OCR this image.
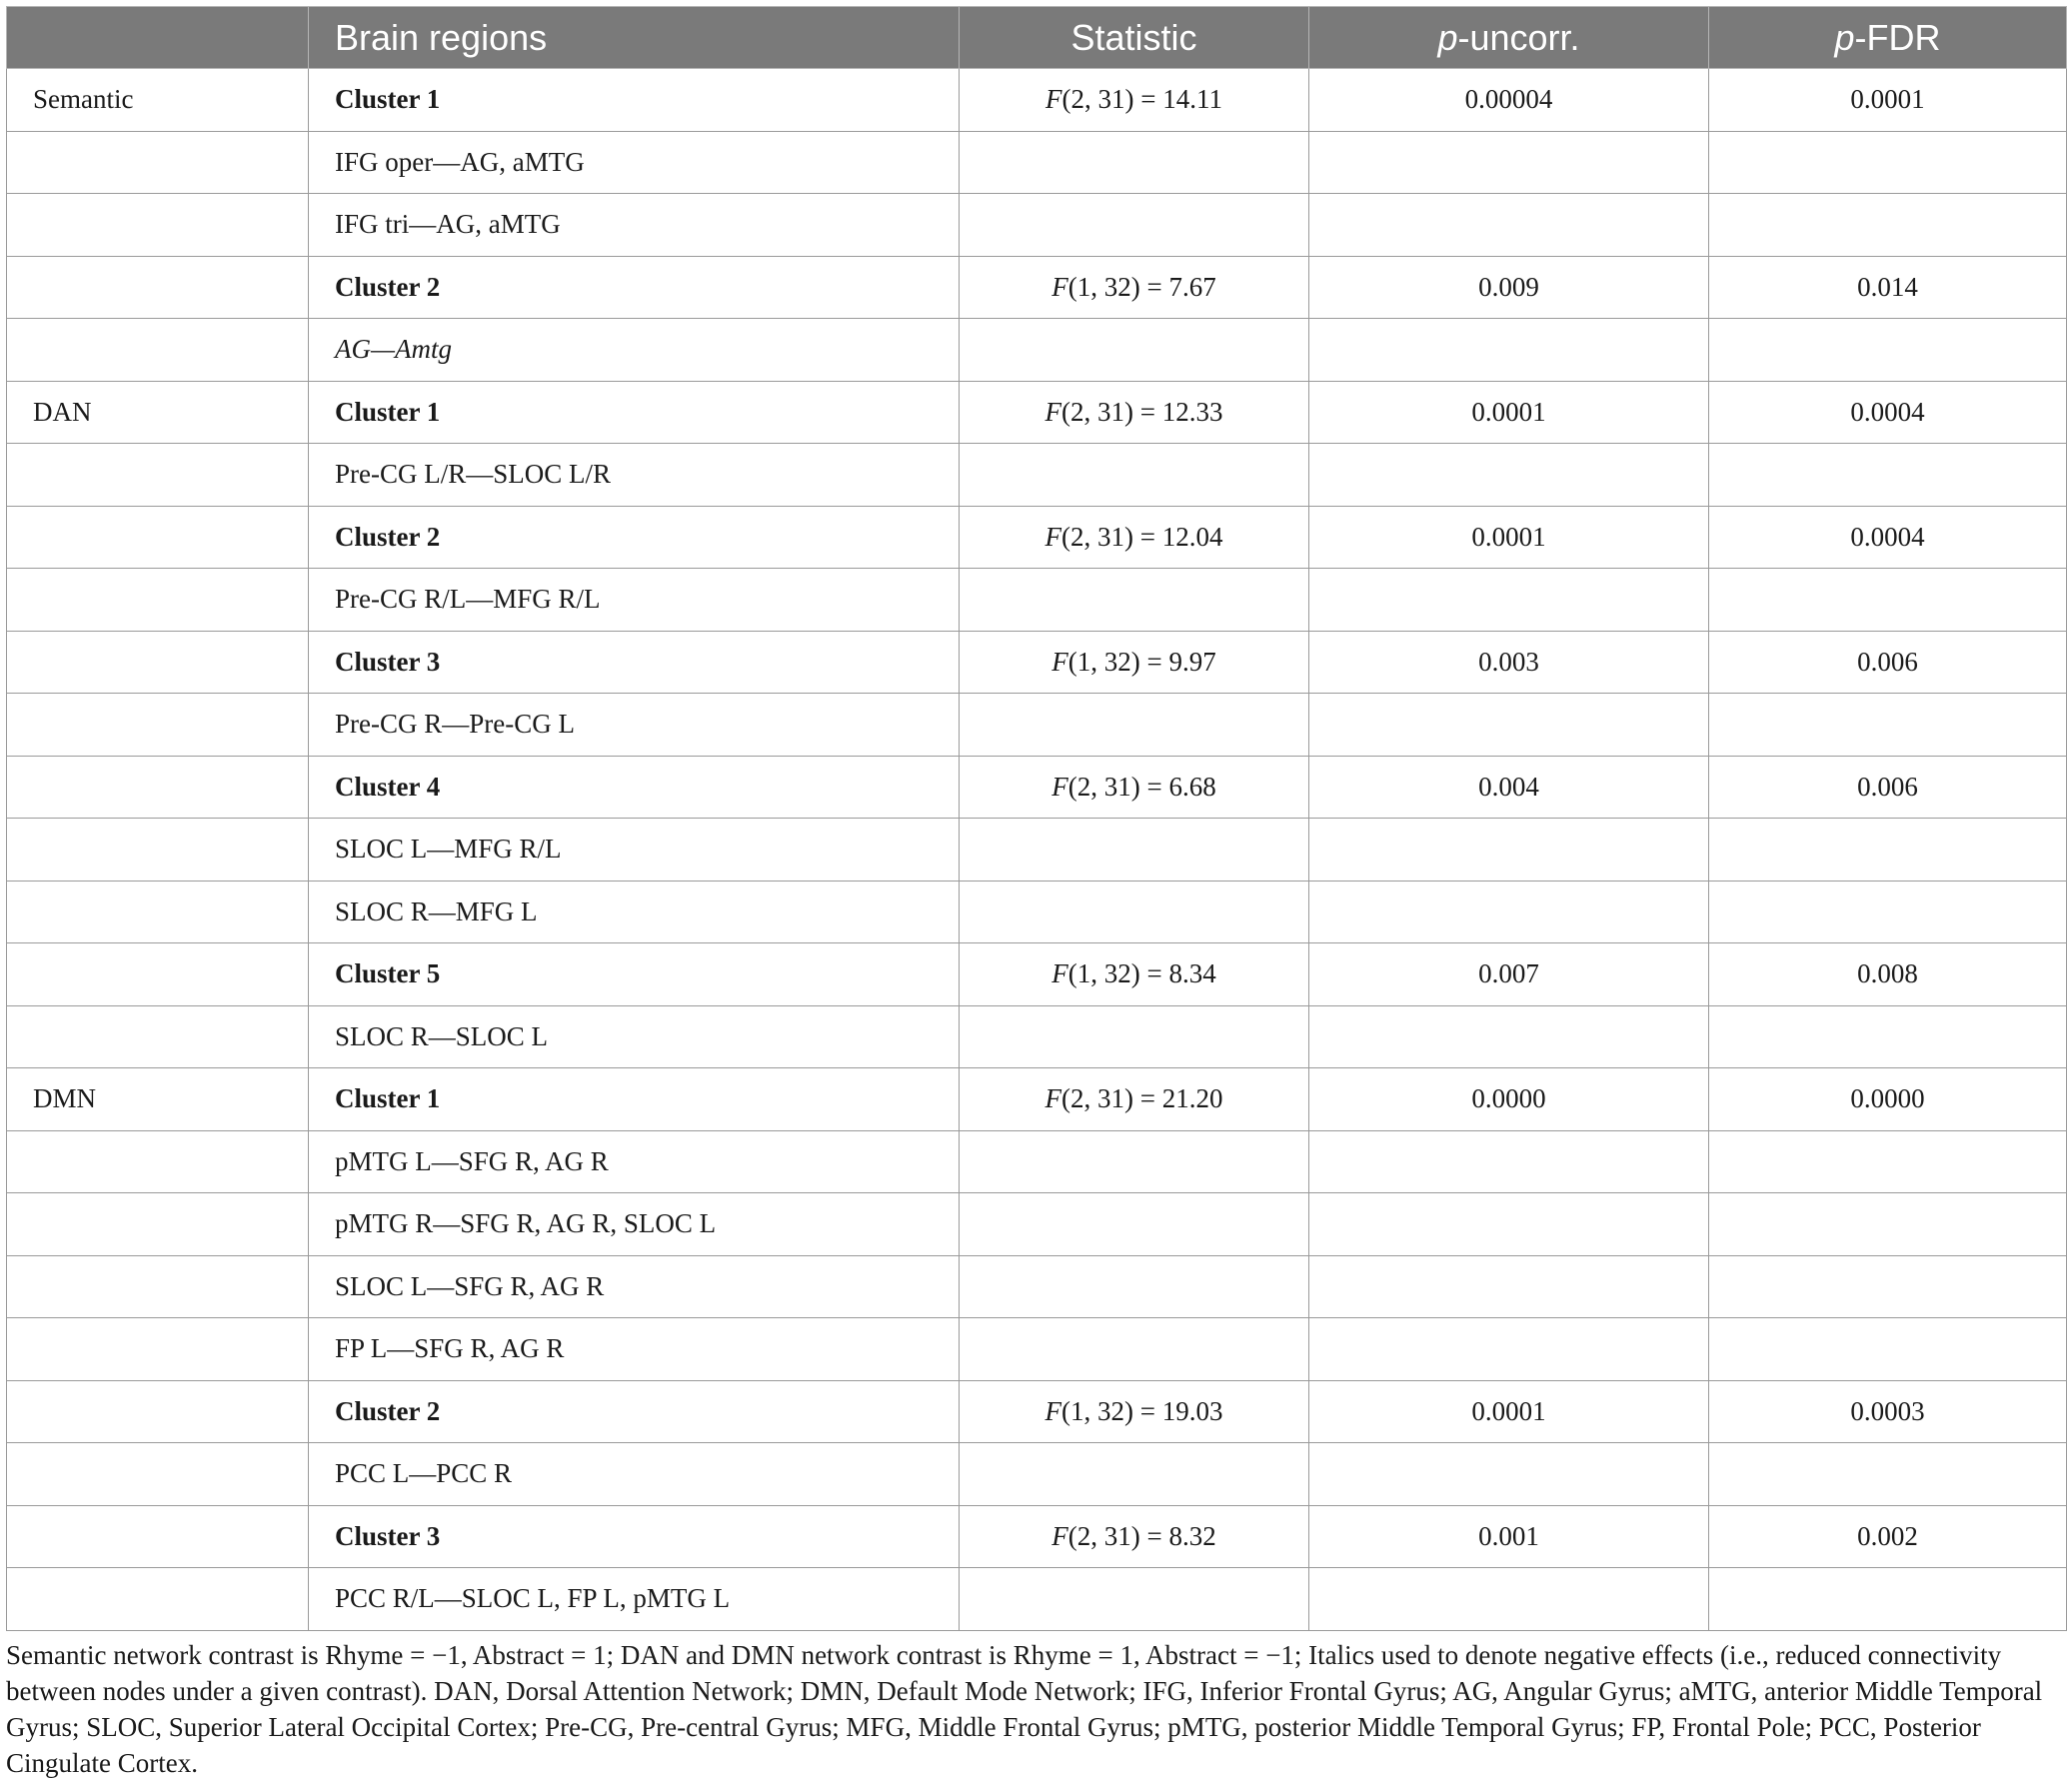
	Brain regions	Statistic	p-uncorr.	p-FDR
Semantic	Cluster 1	F(2, 31) = 14.11	0.00004	0.0001
	IFG oper—AG, aMTG			
	IFG tri—AG, aMTG			
	Cluster 2	F(1, 32) = 7.67	0.009	0.014
	AG—Amtg			
DAN	Cluster 1	F(2, 31) = 12.33	0.0001	0.0004
	Pre-CG L/R—SLOC L/R			
	Cluster 2	F(2, 31) = 12.04	0.0001	0.0004
	Pre-CG R/L—MFG R/L			
	Cluster 3	F(1, 32) = 9.97	0.003	0.006
	Pre-CG R—Pre-CG L			
	Cluster 4	F(2, 31) = 6.68	0.004	0.006
	SLOC L—MFG R/L			
	SLOC R—MFG L			
	Cluster 5	F(1, 32) = 8.34	0.007	0.008
	SLOC R—SLOC L			
DMN	Cluster 1	F(2, 31) = 21.20	0.0000	0.0000
	pMTG L—SFG R, AG R			
	pMTG R—SFG R, AG R, SLOC L			
	SLOC L—SFG R, AG R			
	FP L—SFG R, AG R			
	Cluster 2	F(1, 32) = 19.03	0.0001	0.0003
	PCC L—PCC R			
	Cluster 3	F(2, 31) = 8.32	0.001	0.002
	PCC R/L—SLOC L, FP L, pMTG L			
Semantic network contrast is Rhyme = −1, Abstract = 1; DAN and DMN network contrast is Rhyme = 1, Abstract = −1; Italics used to denote negative effects (i.e., reduced connectivity between nodes under a given contrast). DAN, Dorsal Attention Network; DMN, Default Mode Network; IFG, Inferior Frontal Gyrus; AG, Angular Gyrus; aMTG, anterior Middle Temporal Gyrus; SLOC, Superior Lateral Occipital Cortex; Pre-CG, Pre-central Gyrus; MFG, Middle Frontal Gyrus; pMTG, posterior Middle Temporal Gyrus; FP, Frontal Pole; PCC, Posterior Cingulate Cortex.
